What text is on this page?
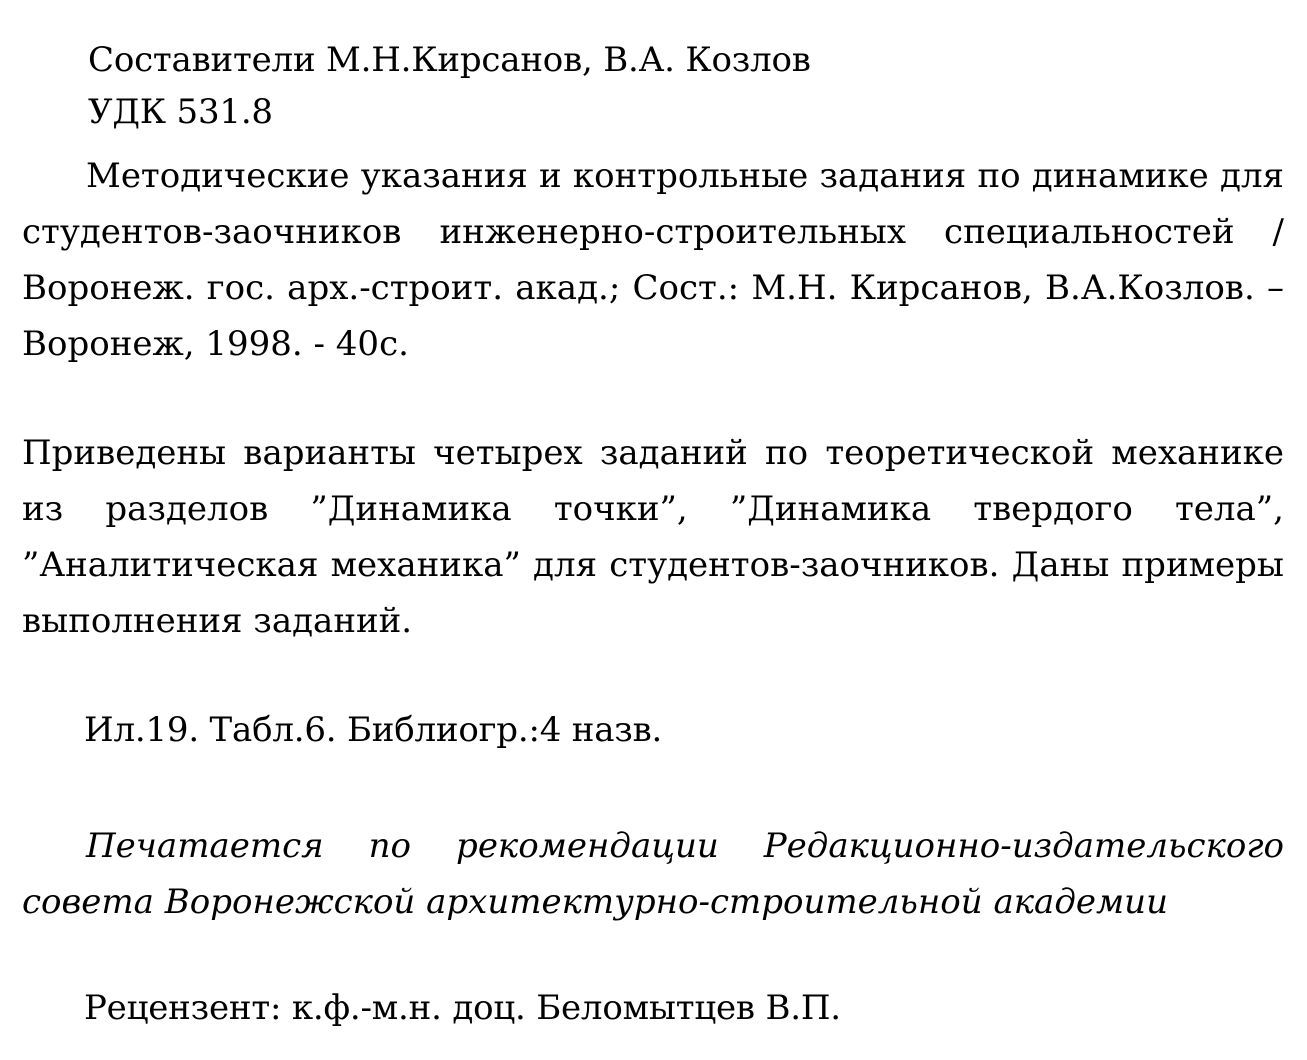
Составители М.Н.Кирсанов, В.А. Козлов
УДК 531.8
Методические указания и контрольные задания по динамике для студентов-заочников инженерно-строительных специальностей / Воронеж. гос. арх.-строит. акад.; Сост.: М.Н. Кирсанов, В.А.Козлов. – Воронеж, 1998. - 40с.
Приведены варианты четырех заданий по теоретической механике из разделов ”Динамика точки”, ”Динамика твердого тела”, ”Аналитическая механика” для студентов-заочников. Даны примеры выполнения заданий.
Ил.19. Табл.6. Библиогр.:4 назв.
Печатается по рекомендации Редакционно-издательского совета Воронежской архитектурно-строительной академии
Рецензент: к.ф.-м.н. доц. Беломытцев В.П.
